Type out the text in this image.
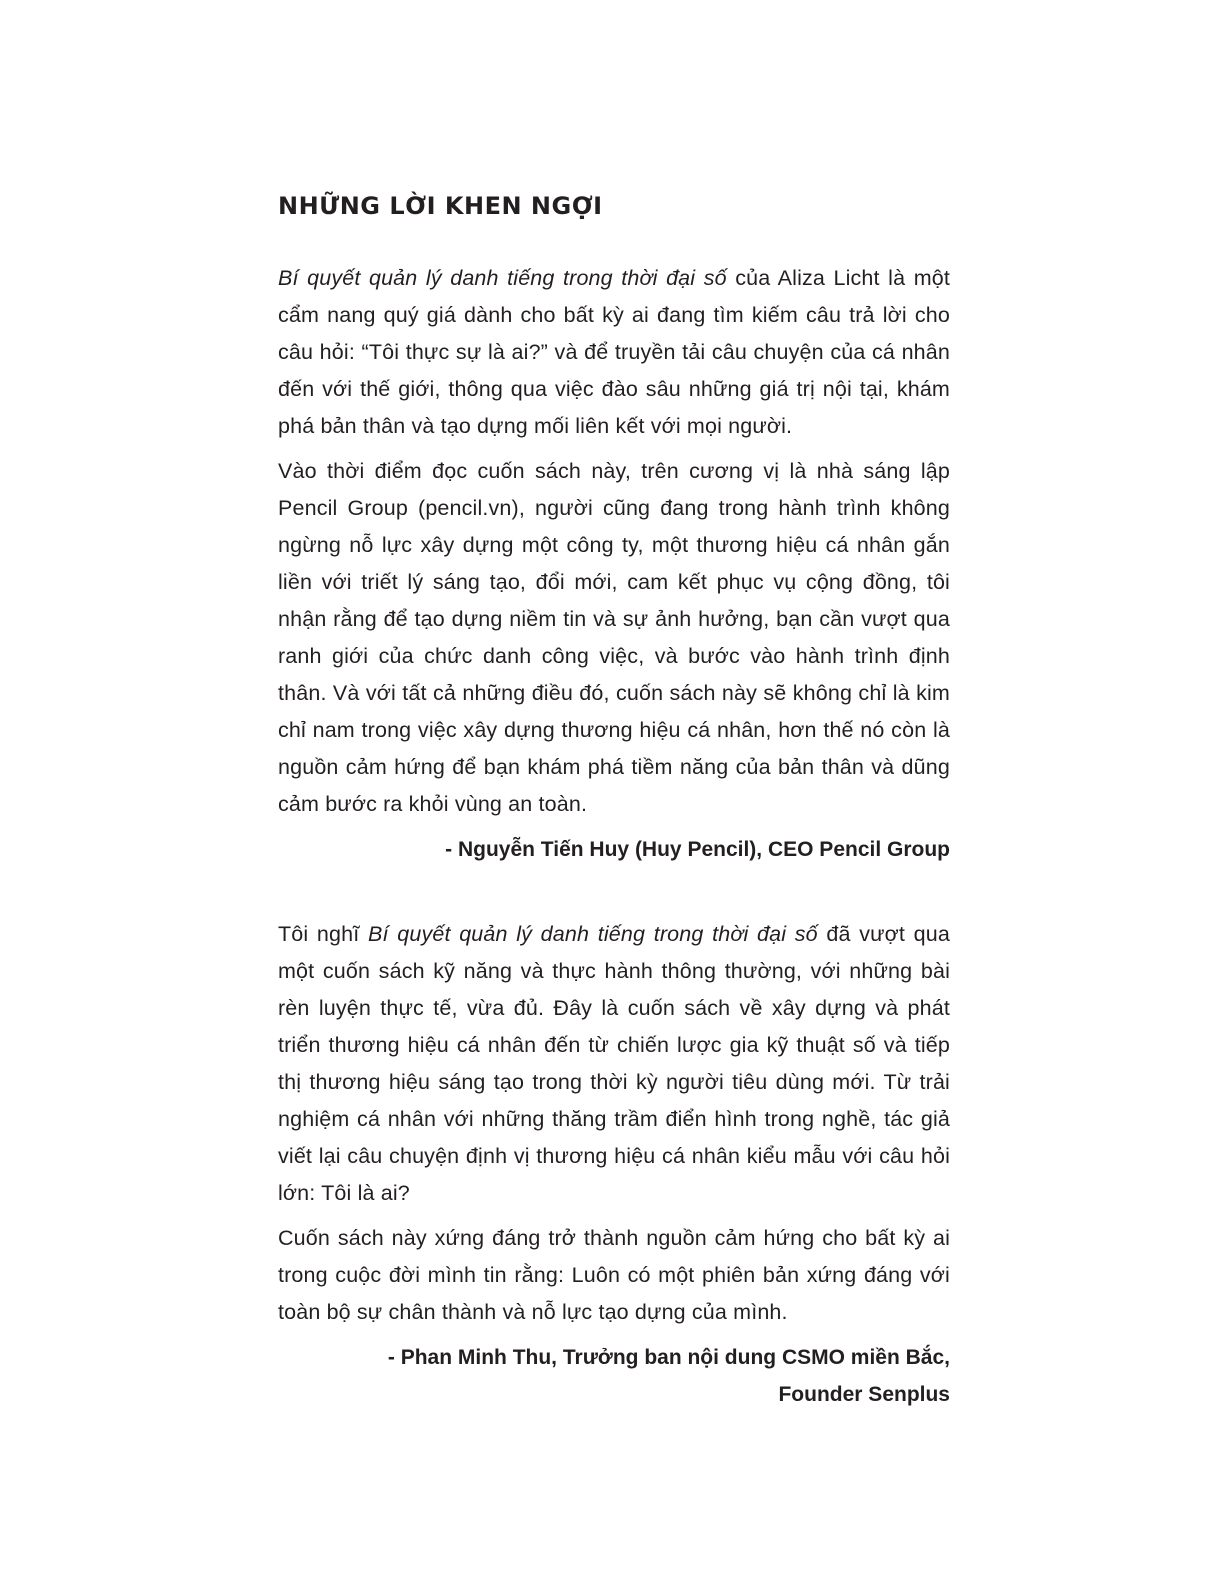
NHỮNG LỜI KHEN NGỢI

Bí quyết quản lý danh tiếng trong thời đại số của Aliza Licht là một cẩm nang quý giá dành cho bất kỳ ai đang tìm kiếm câu trả lời cho câu hỏi: “Tôi thực sự là ai?” và để truyền tải câu chuyện của cá nhân đến với thế giới, thông qua việc đào sâu những giá trị nội tại, khám phá bản thân và tạo dựng mối liên kết với mọi người.

Vào thời điểm đọc cuốn sách này, trên cương vị là nhà sáng lập Pencil Group (pencil.vn), người cũng đang trong hành trình không ngừng nỗ lực xây dựng một công ty, một thương hiệu cá nhân gắn liền với triết lý sáng tạo, đổi mới, cam kết phục vụ cộng đồng, tôi nhận rằng để tạo dựng niềm tin và sự ảnh hưởng, bạn cần vượt qua ranh giới của chức danh công việc, và bước vào hành trình định thân. Và với tất cả những điều đó, cuốn sách này sẽ không chỉ là kim chỉ nam trong việc xây dựng thương hiệu cá nhân, hơn thế nó còn là nguồn cảm hứng để bạn khám phá tiềm năng của bản thân và dũng cảm bước ra khỏi vùng an toàn.

- Nguyễn Tiến Huy (Huy Pencil), CEO Pencil Group

Tôi nghĩ Bí quyết quản lý danh tiếng trong thời đại số đã vượt qua một cuốn sách kỹ năng và thực hành thông thường, với những bài rèn luyện thực tế, vừa đủ. Đây là cuốn sách về xây dựng và phát triển thương hiệu cá nhân đến từ chiến lược gia kỹ thuật số và tiếp thị thương hiệu sáng tạo trong thời kỳ người tiêu dùng mới. Từ trải nghiệm cá nhân với những thăng trầm điển hình trong nghề, tác giả viết lại câu chuyện định vị thương hiệu cá nhân kiểu mẫu với câu hỏi lớn: Tôi là ai?

Cuốn sách này xứng đáng trở thành nguồn cảm hứng cho bất kỳ ai trong cuộc đời mình tin rằng: Luôn có một phiên bản xứng đáng với toàn bộ sự chân thành và nỗ lực tạo dựng của mình.

- Phan Minh Thu, Trưởng ban nội dung CSMO miền Bắc,

Founder Senplus
